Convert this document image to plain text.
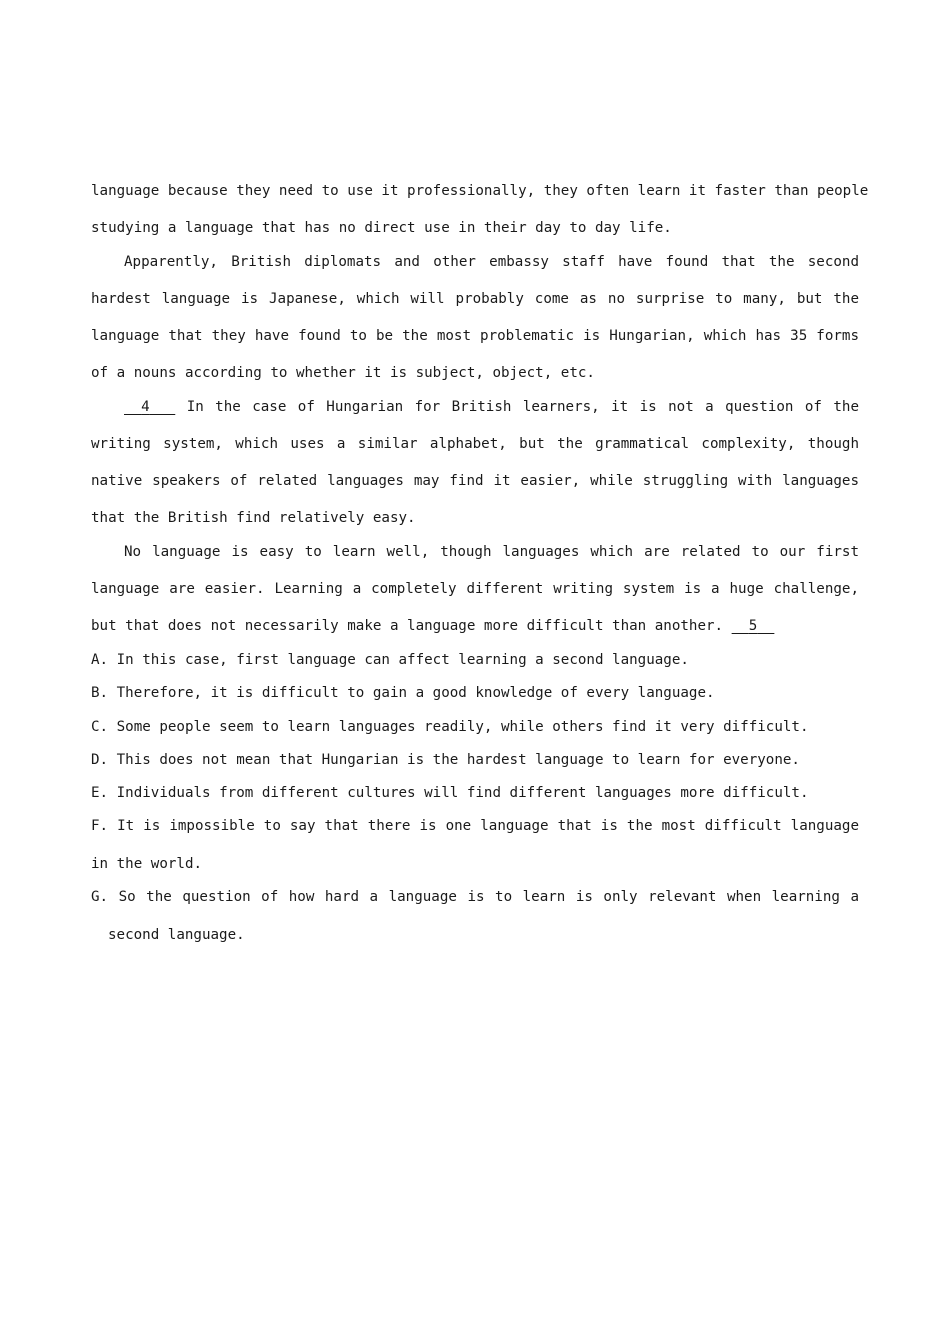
language because they need to use it professionally, they often learn it faster than people
studying a language that has no direct use in their day to day life.
Apparently, British diplomats and other embassy staff have found that the second
hardest language is Japanese, which will probably come as no surprise to many, but the
language that they have found to be the most problematic is Hungarian, which has 35 forms
of a nouns according to whether it is subject, object, etc.
4	In the case of Hungarian for British learners, it is not a question of the
writing system, which uses a similar alphabet, but the grammatical complexity, though
native speakers of related languages may find it easier, while struggling with languages
that the British find relatively easy.
No language is easy to learn well, though languages which are related to our first
language are easier. Learning a completely different writing system is a huge challenge,
but that does not necessarily make a language more difficult than another. 5
A. In this case, first language can affect learning a second language.
B. Therefore, it is difficult to gain a good knowledge of every language.
C. Some people seem to learn languages readily, while others find it very difficult.
D. This does not mean that Hungarian is the hardest language to learn for everyone.
E. Individuals from different cultures will find different languages more difficult.
F. It is impossible to say that there is one language that is the most difficult language
in the world.
G. So the question of how hard a language is to learn is only relevant when learning a
second language.
